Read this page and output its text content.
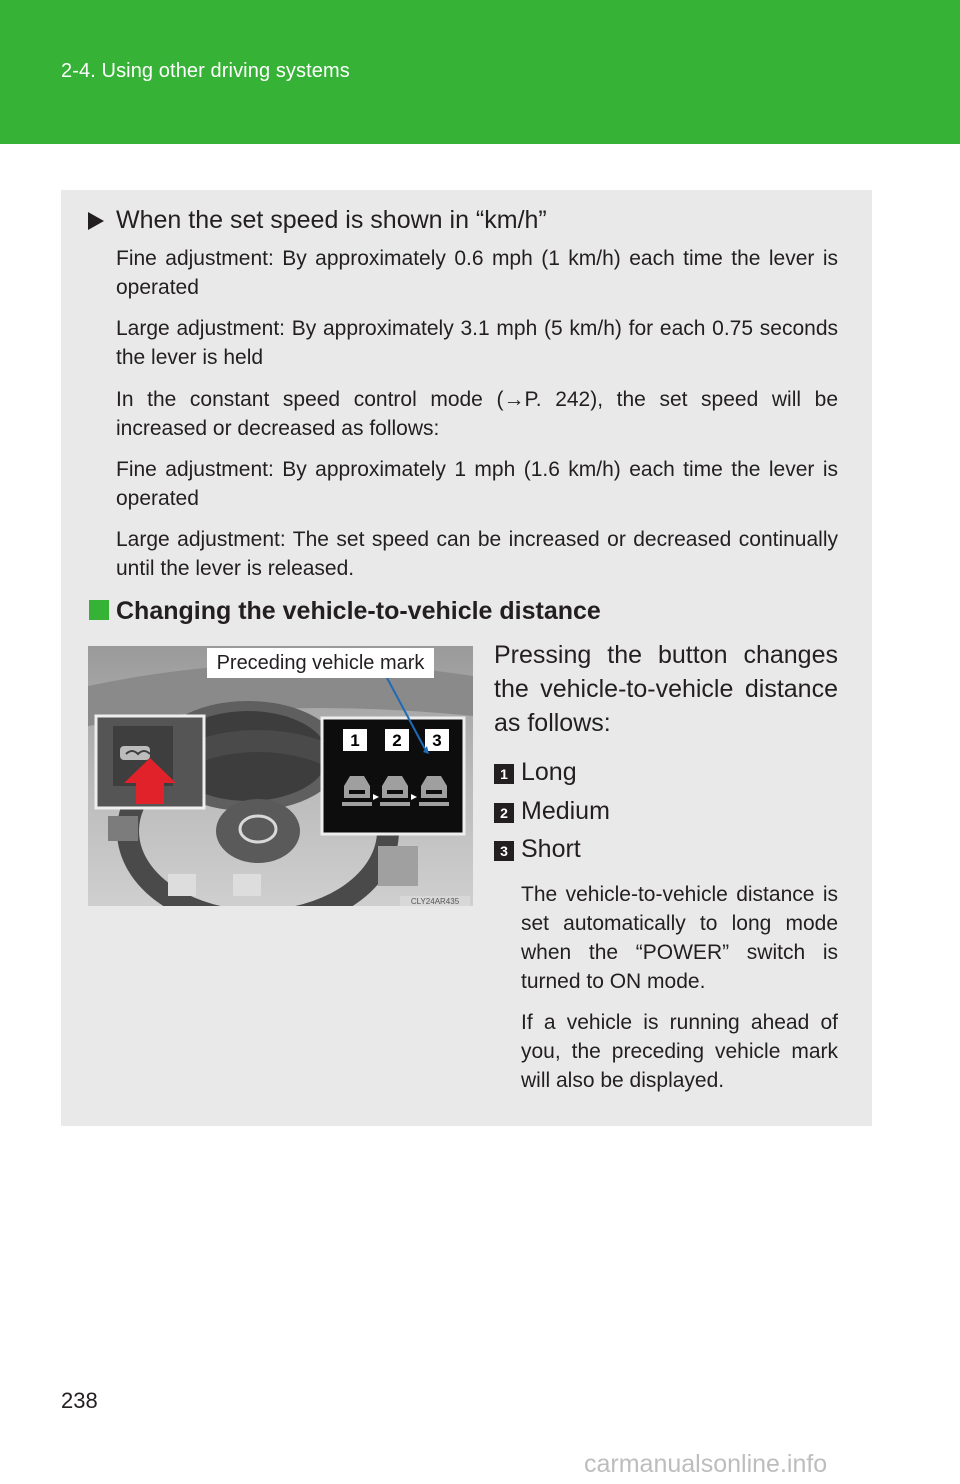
2-4. Using other driving systems
When the set speed is shown in “km/h”
Fine adjustment: By approximately 0.6 mph (1 km/h) each time the lever is operated
Large adjustment: By approximately 3.1 mph (5 km/h) for each 0.75 seconds the lever is held
In the constant speed control mode (→P. 242), the set speed will be increased or decreased as follows:
Fine adjustment: By approximately 1 mph (1.6 km/h) each time the lever is operated
Large adjustment: The set speed can be increased or decreased continually until the lever is released.
Changing the vehicle-to-vehicle distance
1 2 3
CLY24AR435
Preceding vehicle mark	Pressing the button changes the vehicle-to-vehicle distance as follows:
1 Long
2 Medium
3 Short
The vehicle-to-vehicle distance is set automatically to long mode when the “POWER” switch is turned to ON mode.
If a vehicle is running ahead of you, the preceding vehicle mark will also be displayed.
238
carmanualsonline.info
